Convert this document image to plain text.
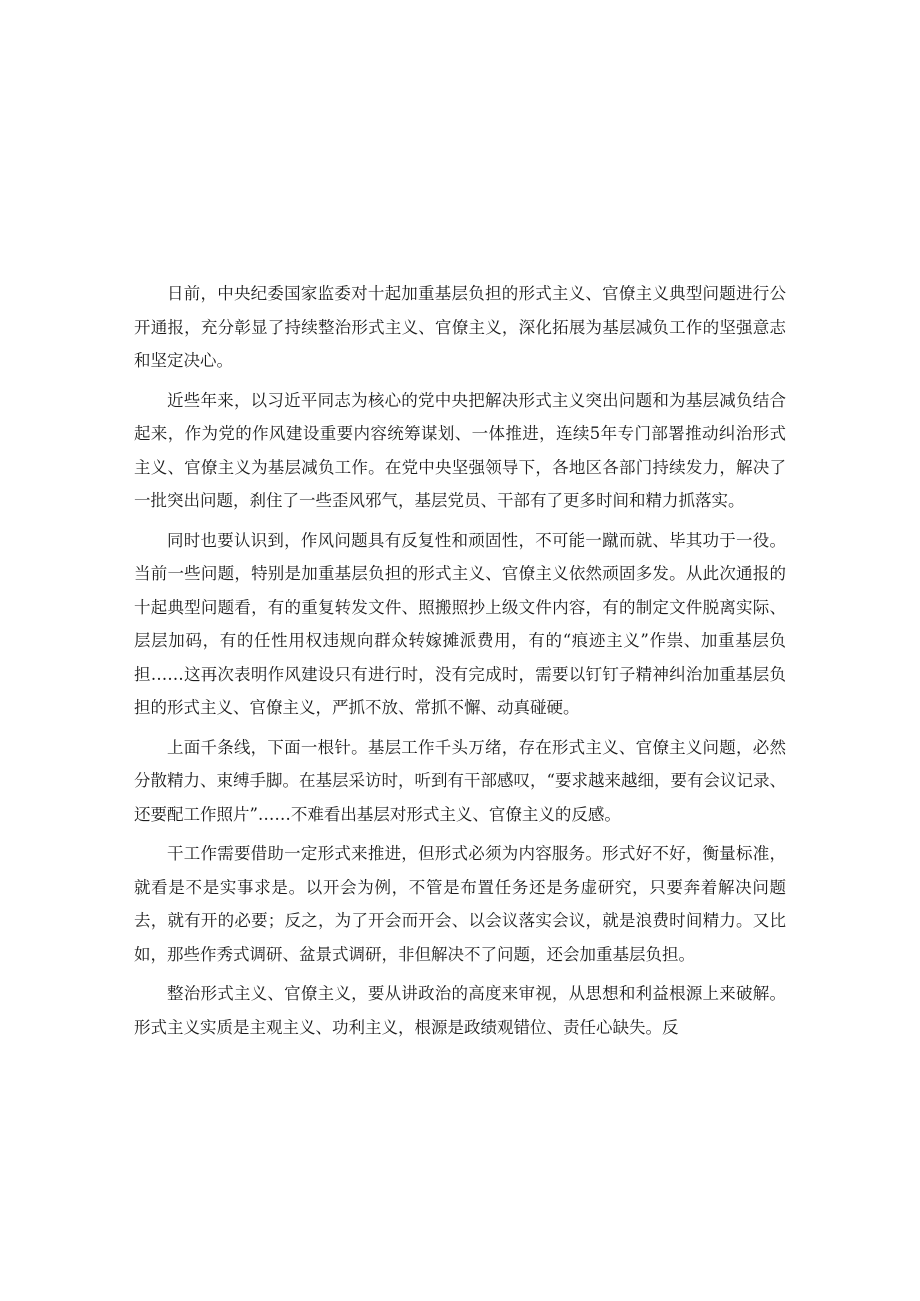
日前，中央纪委国家监委对十起加重基层负担的形式主义、官僚主义典型问题进行公开通报，充分彰显了持续整治形式主义、官僚主义，深化拓展为基层减负工作的坚强意志和坚定决心。

近些年来，以习近平同志为核心的党中央把解决形式主义突出问题和为基层减负结合起来，作为党的作风建设重要内容统筹谋划、一体推进，连续5年专门部署推动纠治形式主义、官僚主义为基层减负工作。在党中央坚强领导下，各地区各部门持续发力，解决了一批突出问题，刹住了一些歪风邪气，基层党员、干部有了更多时间和精力抓落实。

同时也要认识到，作风问题具有反复性和顽固性，不可能一蹴而就、毕其功于一役。当前一些问题，特别是加重基层负担的形式主义、官僚主义依然顽固多发。从此次通报的十起典型问题看，有的重复转发文件、照搬照抄上级文件内容，有的制定文件脱离实际、层层加码，有的任性用权违规向群众转嫁摊派费用，有的“痕迹主义”作祟、加重基层负担……这再次表明作风建设只有进行时，没有完成时，需要以钉钉子精神纠治加重基层负担的形式主义、官僚主义，严抓不放、常抓不懈、动真碰硬。

上面千条线，下面一根针。基层工作千头万绪，存在形式主义、官僚主义问题，必然分散精力、束缚手脚。在基层采访时，听到有干部感叹，“要求越来越细，要有会议记录、还要配工作照片”……不难看出基层对形式主义、官僚主义的反感。

干工作需要借助一定形式来推进，但形式必须为内容服务。形式好不好，衡量标准，就看是不是实事求是。以开会为例，不管是布置任务还是务虚研究，只要奔着解决问题去，就有开的必要；反之，为了开会而开会、以会议落实会议，就是浪费时间精力。又比如，那些作秀式调研、盆景式调研，非但解决不了问题，还会加重基层负担。

整治形式主义、官僚主义，要从讲政治的高度来审视，从思想和利益根源上来破解。形式主义实质是主观主义、功利主义，根源是政绩观错位、责任心缺失。反
